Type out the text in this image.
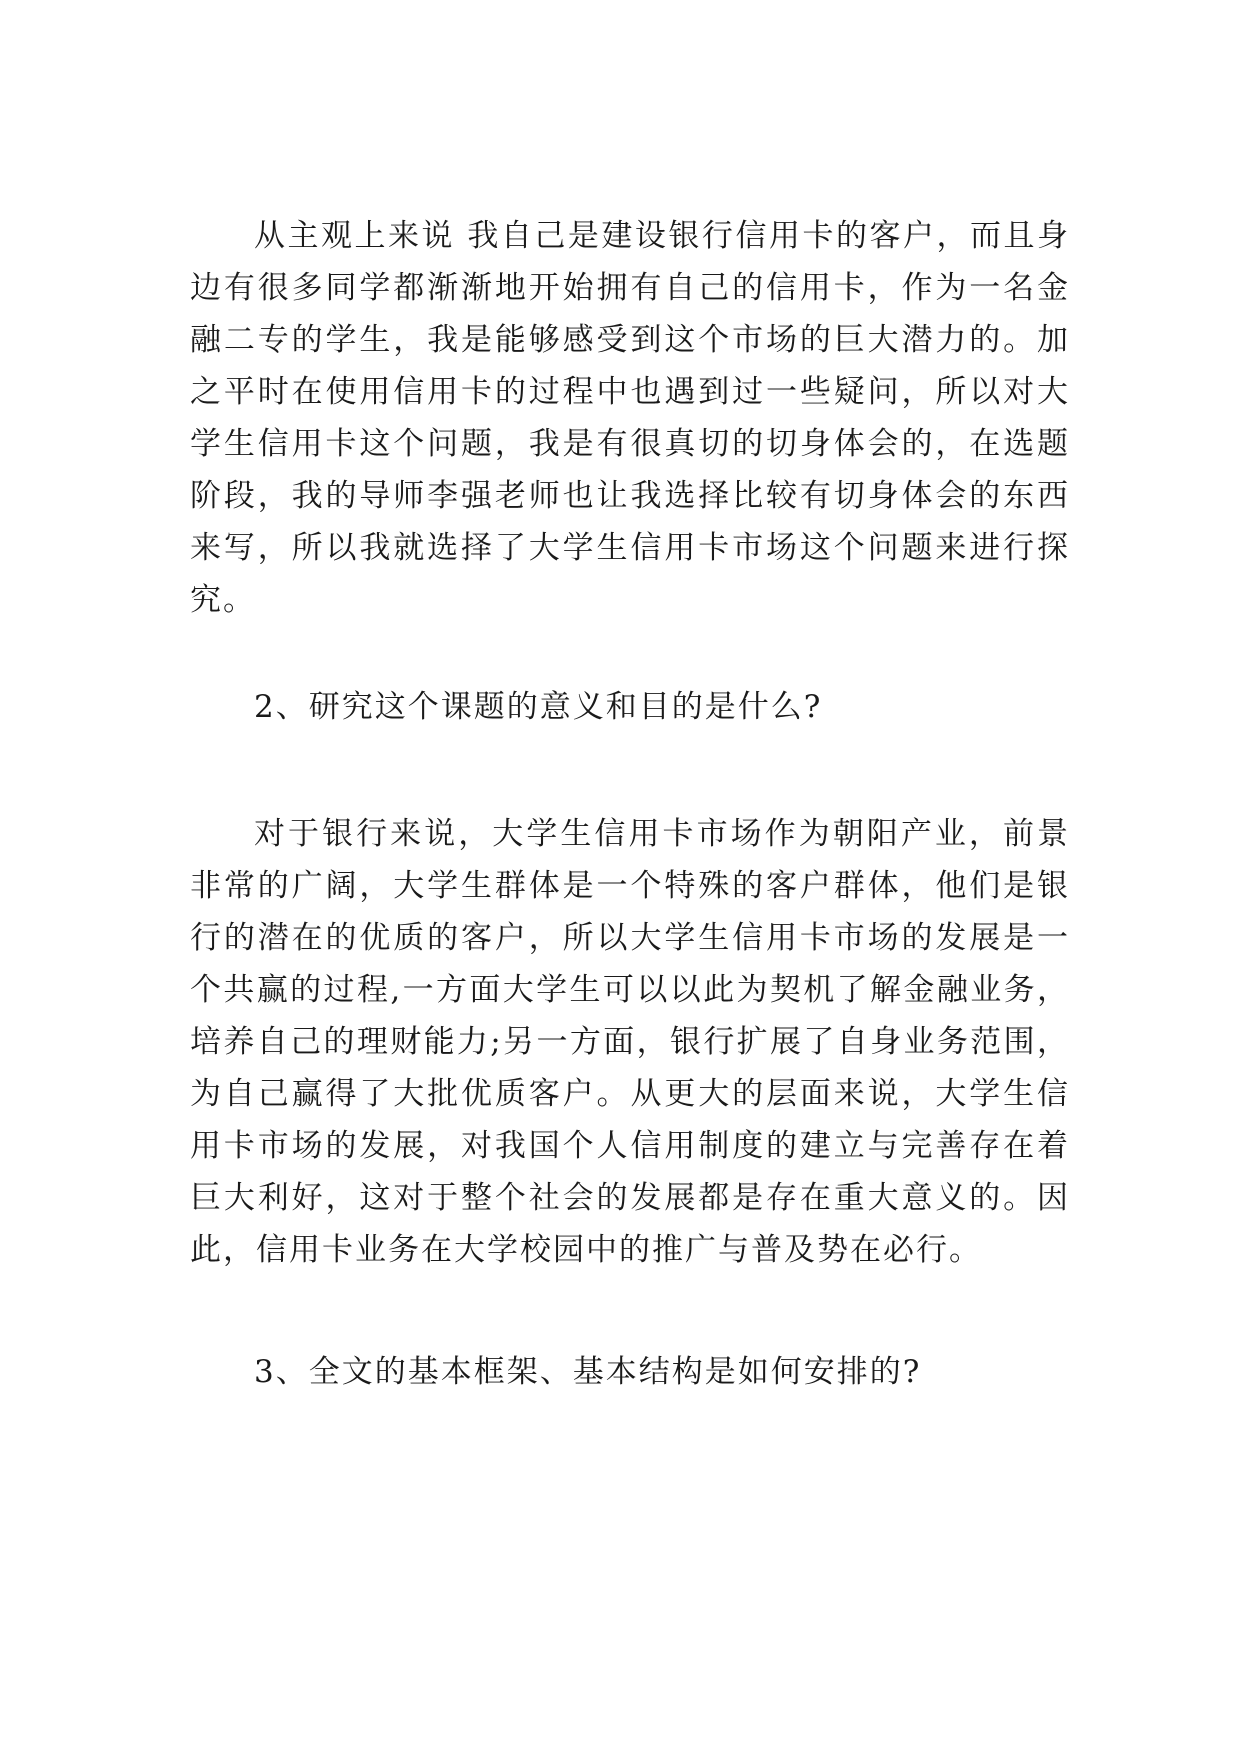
从主观上来说 我自己是建设银行信用卡的客户，而且身边有很多同学都渐渐地开始拥有自己的信用卡，作为一名金融二专的学生，我是能够感受到这个市场的巨大潜力的。加之平时在使用信用卡的过程中也遇到过一些疑问，所以对大学生信用卡这个问题，我是有很真切的切身体会的，在选题阶段，我的导师李强老师也让我选择比较有切身体会的东西来写，所以我就选择了大学生信用卡市场这个问题来进行探究。

2、研究这个课题的意义和目的是什么?

对于银行来说，大学生信用卡市场作为朝阳产业，前景非常的广阔，大学生群体是一个特殊的客户群体，他们是银行的潜在的优质的客户，所以大学生信用卡市场的发展是一个共赢的过程,一方面大学生可以以此为契机了解金融业务，培养自己的理财能力;另一方面，银行扩展了自身业务范围，为自己赢得了大批优质客户。从更大的层面来说，大学生信用卡市场的发展，对我国个人信用制度的建立与完善存在着巨大利好，这对于整个社会的发展都是存在重大意义的。因此，信用卡业务在大学校园中的推广与普及势在必行。

3、全文的基本框架、基本结构是如何安排的?
